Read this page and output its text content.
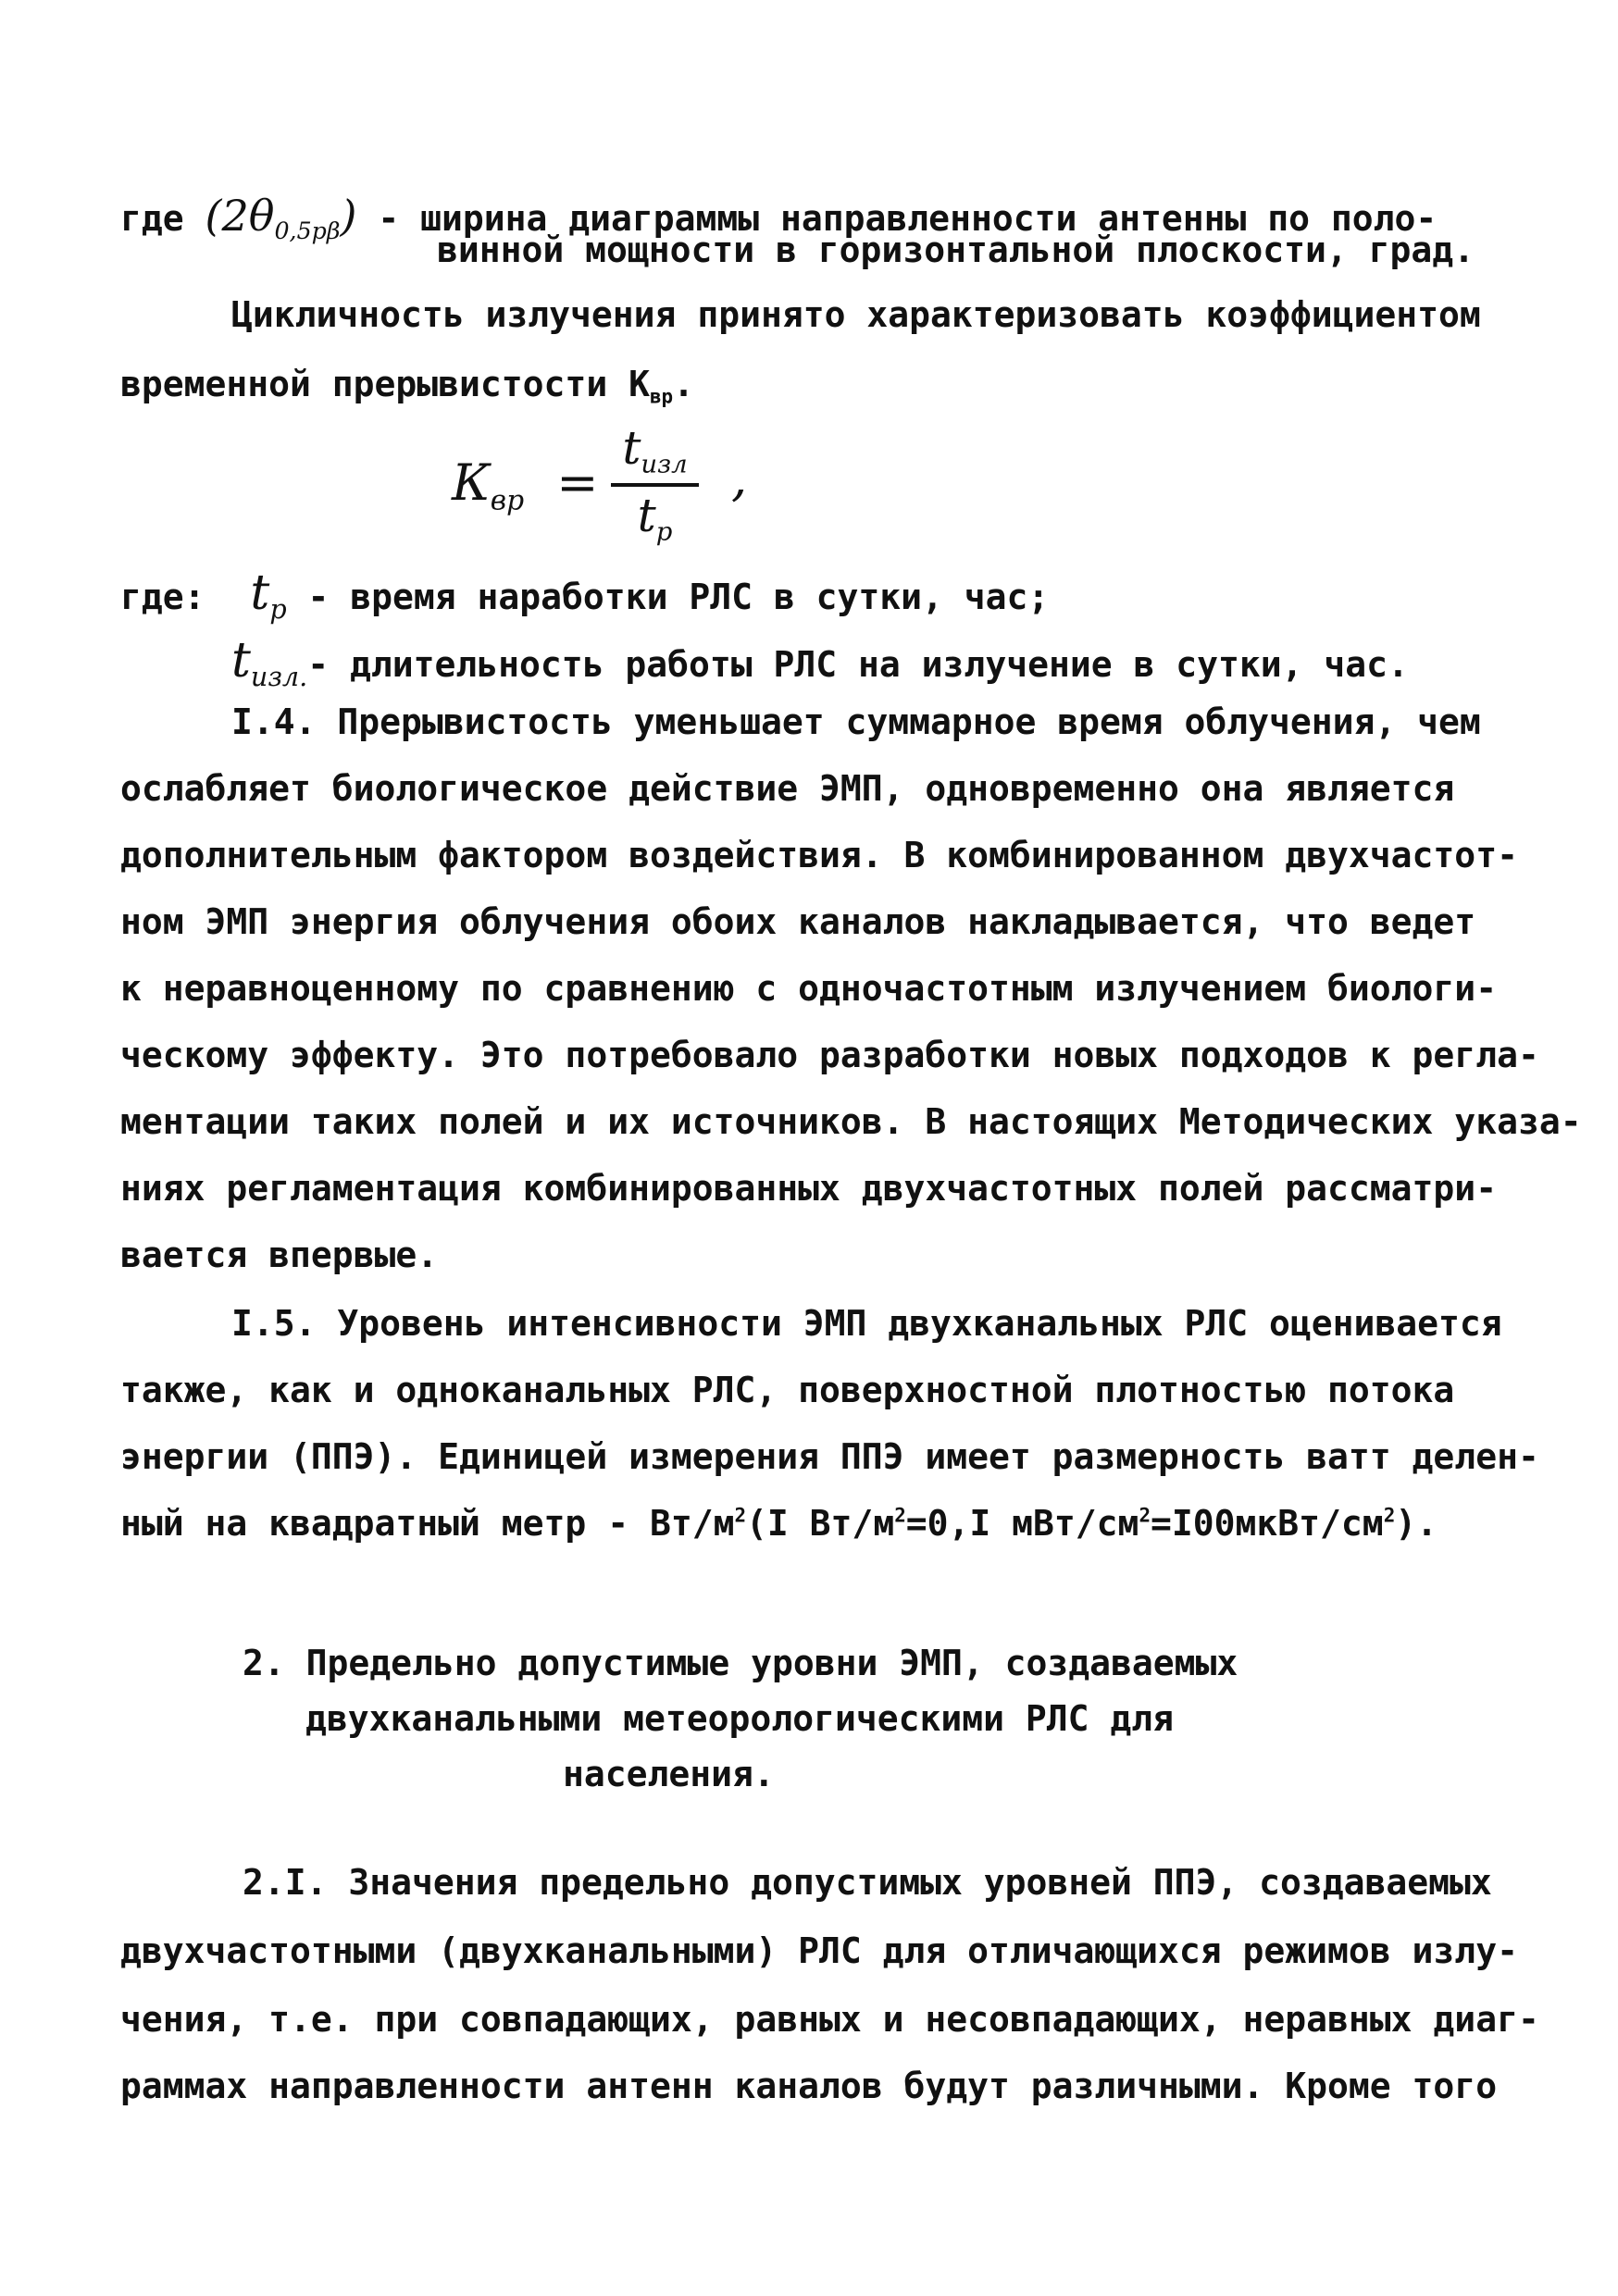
где $(2\theta_{0,5р\beta})$ - ширина диаграммы направленности антенны по поло-
винной мощности в горизонтальной плоскости, град.
Цикличность излучения принято характеризовать коэффициентом
временной прерывистости $К_{вр}$.
$К_{вр}$ =
$t_{изл}$
$t_р$
,
где: $t_р$ - время наработки РЛС в сутки, час;
$t_{изл.}-$ длительность работы РЛС на излучение в сутки, час.
I.4. Прерывистость уменьшает суммарное время облучения, чем
ослабляет биологическое действие ЭМП, одновременно она является
дополнительным фактором воздействия. В комбинированном двухчастот-
ном ЭМП энергия облучения обоих каналов накладывается, что ведет
к неравноценному по сравнению с одночастотным излучением биологи-
ческому эффекту. Это потребовало разработки новых подходов к регла-
ментации таких полей и их источников. В настоящих Методических указа-
ниях регламентация комбинированных двухчастотных полей рассматри-
вается впервые.
I.5. Уровень интенсивности ЭМП двухканальных РЛС оценивается
также, как и одноканальных РЛС, поверхностной плотностью потока
энергии (ППЭ). Единицей измерения ППЭ имеет размерность ватт делен-
ный на квадратный метр - $Вт/м^2(I$ $Вт/м^2=0,I$ мВт/$см^2=I00мкВт/см^2$).
2. Предельно допустимые уровни ЭМП, создаваемых
двухканальными метеорологическими РЛС для
населения.
2.I. Значения предельно допустимых уровней ППЭ, создаваемых
двухчастотными (двухканальными) РЛС для отличающихся режимов излу-
чения, т.е. при совпадающих, равных и несовпадающих, неравных диаг-
раммах направленности антенн каналов будут различными. Кроме того
